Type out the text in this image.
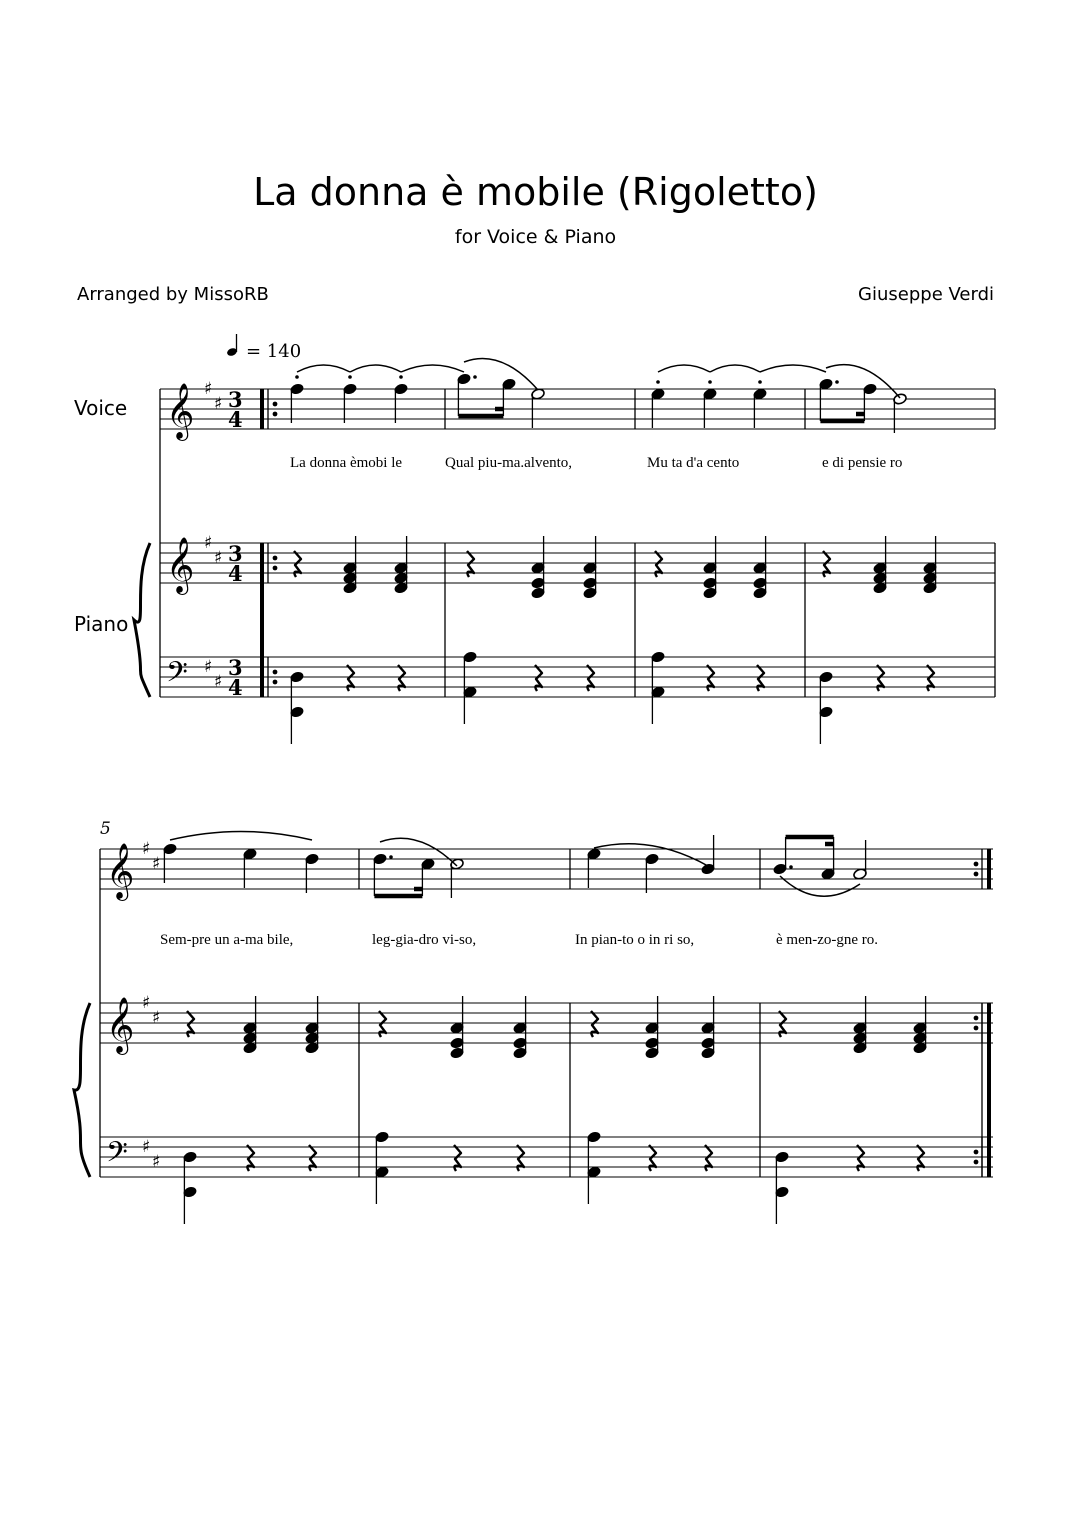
La donna è mobile (Rigoletto)
for Voice & Piano
Arranged by MissoRB	Giuseppe Verdi
Voice
Piano
𝄞 ♯
♯ 3
4
𝄞 ♯
♯ 3
4
𝄢 ♯
♯
3
4
= 140
La donna èmobi le	Qual piu-ma.alvento,	Mu ta d'a cento	e di pensie ro
5
𝄞 ♯
♯
𝄞 ♯
♯
𝄢 ♯
♯
Sem-pre un a-ma bile,	leg-gia-dro vi-so,	In pian-to o in ri so,	è men-zo-gne ro.
